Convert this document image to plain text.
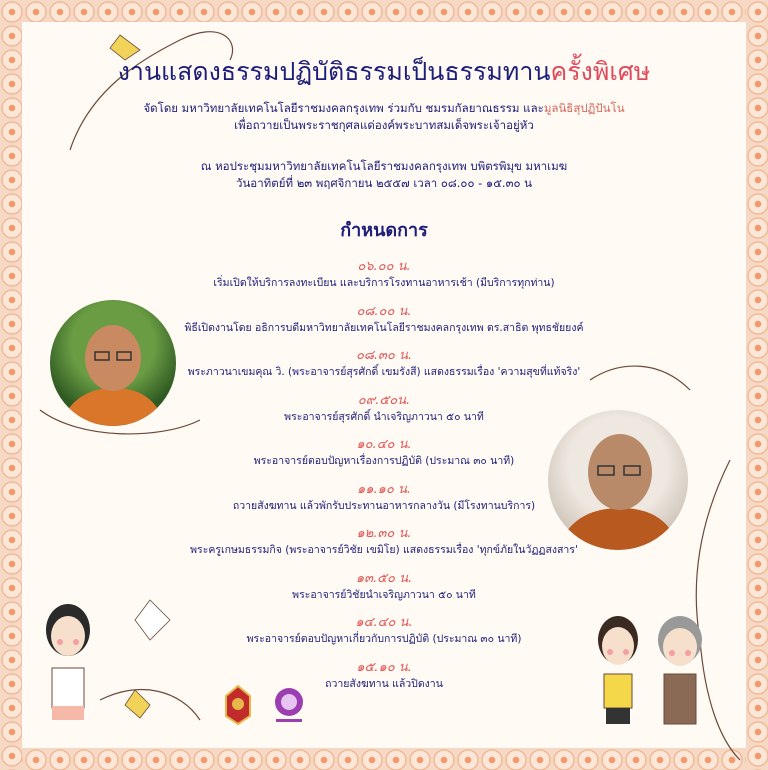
งานแสดงธรรมปฏิบัติธรรมเป็นธรรมทานครั้งพิเศษ
จัดโดย มหาวิทยาลัยเทคโนโลยีราชมงคลกรุงเทพ ร่วมกับ ชมรมกัลยาณธรรม และมูลนิธิสุปฏิปันโน
เพื่อถวายเป็นพระราชกุศลแด่องค์พระบาทสมเด็จพระเจ้าอยู่หัว
ณ หอประชุมมหาวิทยาลัยเทคโนโลยีราชมงคลกรุงเทพ บพิตรพิมุข มหาเมฆ
วันอาทิตย์ที่ ๒๓ พฤศจิกายน ๒๕๕๗ เวลา ๐๘.๐๐ - ๑๕.๓๐ น
กำหนดการ
๐๖.๐๐ น.
เริ่มเปิดให้บริการลงทะเบียน และบริการโรงทานอาหารเช้า (มีบริการทุกท่าน)
๐๘.๐๐ น.
พิธีเปิดงานโดย อธิการบดีมหาวิทยาลัยเทคโนโลยีราชมงคลกรุงเทพ ดร.สาธิต พุทธชัยยงค์
๐๘.๓๐ น.
พระภาวนาเขมคุณ วิ. (พระอาจารย์สุรศักดิ์ เขมรังสี) แสดงธรรมเรื่อง 'ความสุขที่แท้จริง'
๐๙.๕๐น.
พระอาจารย์สุรศักดิ์ นำเจริญภาวนา ๕๐ นาที
๑๐.๔๐ น.
พระอาจารย์ตอบปัญหาเรื่องการปฏิบัติ (ประมาณ ๓๐ นาที)
๑๑.๑๐ น.
ถวายสังฆทาน แล้วพักรับประทานอาหารกลางวัน (มีโรงทานบริการ)
๑๒.๓๐ น.
พระครูเกษมธรรมกิจ (พระอาจารย์วิชัย เขมิโย) แสดงธรรมเรื่อง 'ทุกข์ภัยในวัฏฏสงสาร'
๑๓.๕๐ น.
พระอาจารย์วิชัยนำเจริญภาวนา ๕๐ นาที
๑๔.๔๐ น.
พระอาจารย์ตอบปัญหาเกี่ยวกับการปฏิบัติ (ประมาณ ๓๐ นาที)
๑๕.๑๐ น.
ถวายสังฆทาน แล้วปิดงาน
